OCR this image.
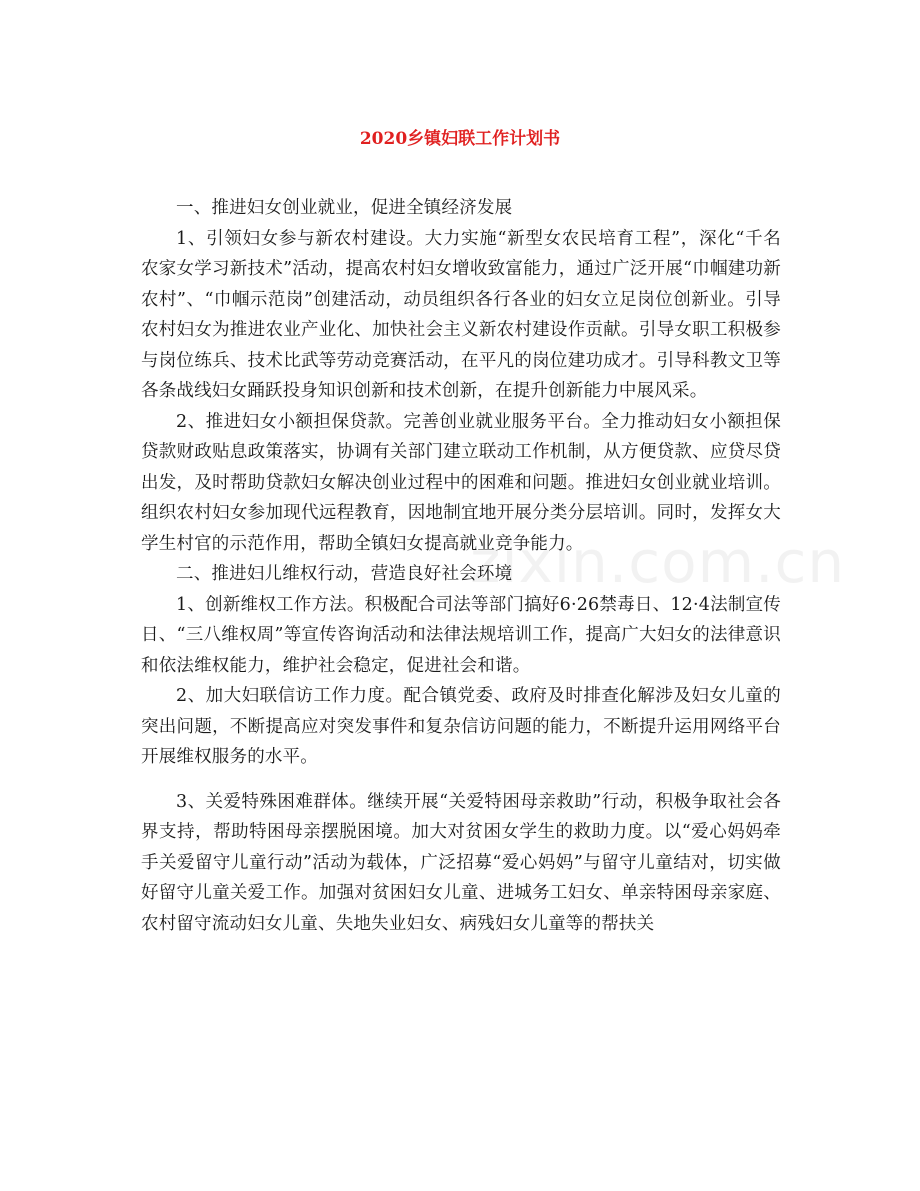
zixin.com.cn
2020乡镇妇联工作计划书

一、推进妇女创业就业，促进全镇经济发展

1、引领妇女参与新农村建设。大力实施“新型女农民培育工程”，深化“千名农家女学习新技术”活动，提高农村妇女增收致富能力，通过广泛开展“巾帼建功新农村”、“巾帼示范岗”创建活动，动员组织各行各业的妇女立足岗位创新业。引导农村妇女为推进农业产业化、加快社会主义新农村建设作贡献。引导女职工积极参与岗位练兵、技术比武等劳动竞赛活动，在平凡的岗位建功成才。引导科教文卫等各条战线妇女踊跃投身知识创新和技术创新，在提升创新能力中展风采。

2、推进妇女小额担保贷款。完善创业就业服务平台。全力推动妇女小额担保贷款财政贴息政策落实，协调有关部门建立联动工作机制，从方便贷款、应贷尽贷出发，及时帮助贷款妇女解决创业过程中的困难和问题。推进妇女创业就业培训。组织农村妇女参加现代远程教育，因地制宜地开展分类分层培训。同时，发挥女大学生村官的示范作用，帮助全镇妇女提高就业竞争能力。

二、推进妇儿维权行动，营造良好社会环境

1、创新维权工作方法。积极配合司法等部门搞好6·26禁毒日、12·4法制宣传日、“三八维权周”等宣传咨询活动和法律法规培训工作，提高广大妇女的法律意识和依法维权能力，维护社会稳定，促进社会和谐。

2、加大妇联信访工作力度。配合镇党委、政府及时排查化解涉及妇女儿童的突出问题，不断提高应对突发事件和复杂信访问题的能力，不断提升运用网络平台开展维权服务的水平。

3、关爱特殊困难群体。继续开展“关爱特困母亲救助”行动，积极争取社会各界支持，帮助特困母亲摆脱困境。加大对贫困女学生的救助力度。以“爱心妈妈牵手关爱留守儿童行动”活动为载体，广泛招募“爱心妈妈”与留守儿童结对，切实做好留守儿童关爱工作。加强对贫困妇女儿童、进城务工妇女、单亲特困母亲家庭、农村留守流动妇女儿童、失地失业妇女、病残妇女儿童等的帮扶关
